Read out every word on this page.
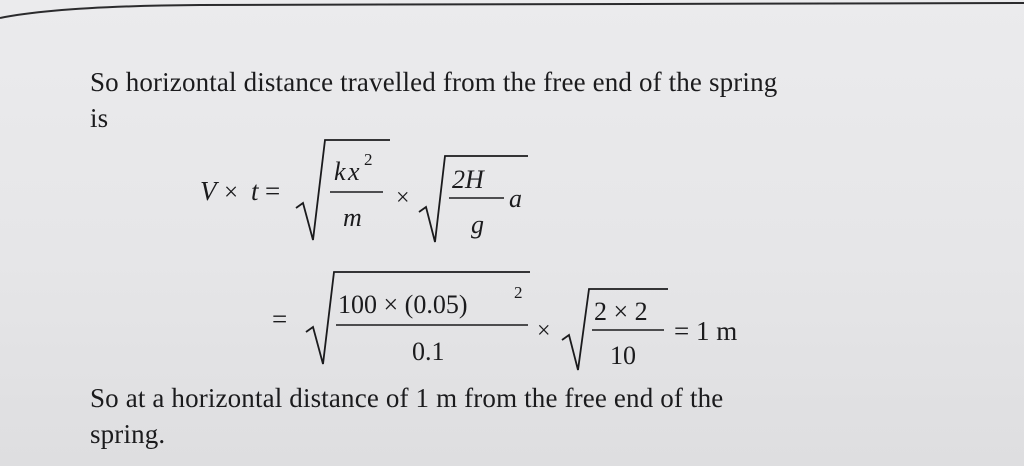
So horizontal distance travelled from the free end of the spring
is

V × t =
k x 2
m
×
2H
g
a
= 100 × (0.05)	2
0.1
×
2 × 2
10
= 1 m

So at a horizontal distance of 1 m from the free end of the
spring.
